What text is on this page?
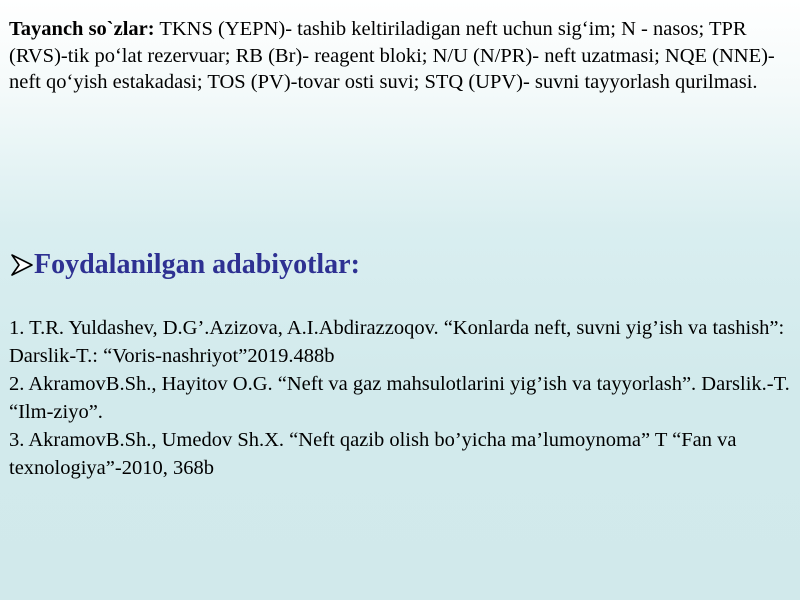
Tayanch so`zlar: TKNS (YEPN)- tashib keltiriladigan neft uchun sig‘im; N - nasos; TPR (RVS)-tik po‘lat rezervuar; RB (Br)- reagent bloki; N/U (N/PR)- neft uzatmasi; NQE (NNE)-neft qo‘yish estakadasi; TOS (PV)-tovar osti suvi; STQ (UPV)- suvni tayyorlash qurilmasi.
Foydalanilgan adabiyotlar:

1. T.R. Yuldashev, D.G’.Azizova, A.I.Abdirazzoqov. “Konlarda neft, suvni yig’ish va tashish”: Darslik-T.: “Voris-nashriyot”2019.488b

2. AkramovB.Sh., Hayitov O.G. “Neft va gaz mahsulotlarini yig’ish va tayyorlash”. Darslik.-T. “Ilm-ziyo”.

3. AkramovB.Sh., Umedov Sh.X. “Neft qazib olish bo’yicha ma’lumoynoma” T “Fan va texnologiya”-2010, 368b
